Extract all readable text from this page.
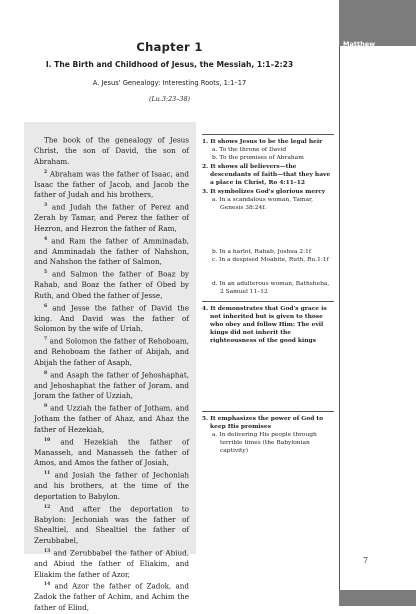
Matthew
7
Chapter 1
I. The Birth and Childhood of Jesus, the Messiah, 1:1–2:23
A. Jesus' Genealogy: Interesting Roots, 1:1–17
(Lu.3:23–38)

The book of the genealogy of Jesus Christ, the son of David, the son of Abraham.

$^2$ Abraham was the father of Isaac, and Isaac the father of Jacob, and Jacob the father of Judah and his brothers,

$^3$ and Judah the father of Perez and Zerah by Tamar, and Perez the father of Hezron, and Hezron the father of Ram,

$^4$ and Ram the father of Amminadab, and Amminadab the father of Nahshon, and Nahshon the father of Salmon,

$^5$ and Salmon the father of Boaz by Rahab, and Boaz the father of Obed by Ruth, and Obed the father of Jesse,

$^6$ and Jesse the father of David the king. And David was the father of Solomon by the wife of Uriah,

$^7$ and Solomon the father of Rehoboam, and Rehoboam the father of Abijah, and Abijah the father of Asaph,

$^8$ and Asaph the father of Jehoshaphat, and Jehoshaphat the father of Joram, and Joram the father of Uzziah,

$^9$ and Uzziah the father of Jotham, and Jotham the father of Ahaz, and Ahaz the father of Hezekiah,

$^{10}$ and Hezekiah the father of Manasseh, and Manasseh the father of Amos, and Amos the father of Josiah,

$^{11}$ and Josiah the father of Jechoniah and his brothers, at the time of the deportation to Babylon.

$^{12}$ And after the deportation to Babylon: Jechoniah was the father of Shealtiel, and Shealtiel the father of Zerubbabel,

$^{13}$ and Zerubbabel the father of Abiud, and Abiud the father of Eliakim, and Eliakim the father of Azor,

$^{14}$ and Azor the father of Zadok, and Zadok the father of Achim, and Achim the father of Eliud,

1. It shows Jesus to be the legal heir
a. To the throne of David
b. To the promises of Abraham
2. It shows all believers—the descendants of faith—that they have a place in Christ, Ro 4:11–12
3. It symbolizes God's glorious mercy
a. In a scandalous woman, Tamar, Genesis 38:24f.
b. In a harlot, Rahab, Joshua 2:1f
c. In a despised Moabite, Ruth, Ru.1:1f
d. In an adulterous woman, Bathsheba, 2 Samuel 11–12
4. It demonstrates that God's grace is not inherited but is given to those who obey and follow Him: The evil kings did not inherit the righteousness of the good kings
5. It emphasizes the power of God to keep His promises
a. In delivering His people through terrible times (the Babylonian captivity)
